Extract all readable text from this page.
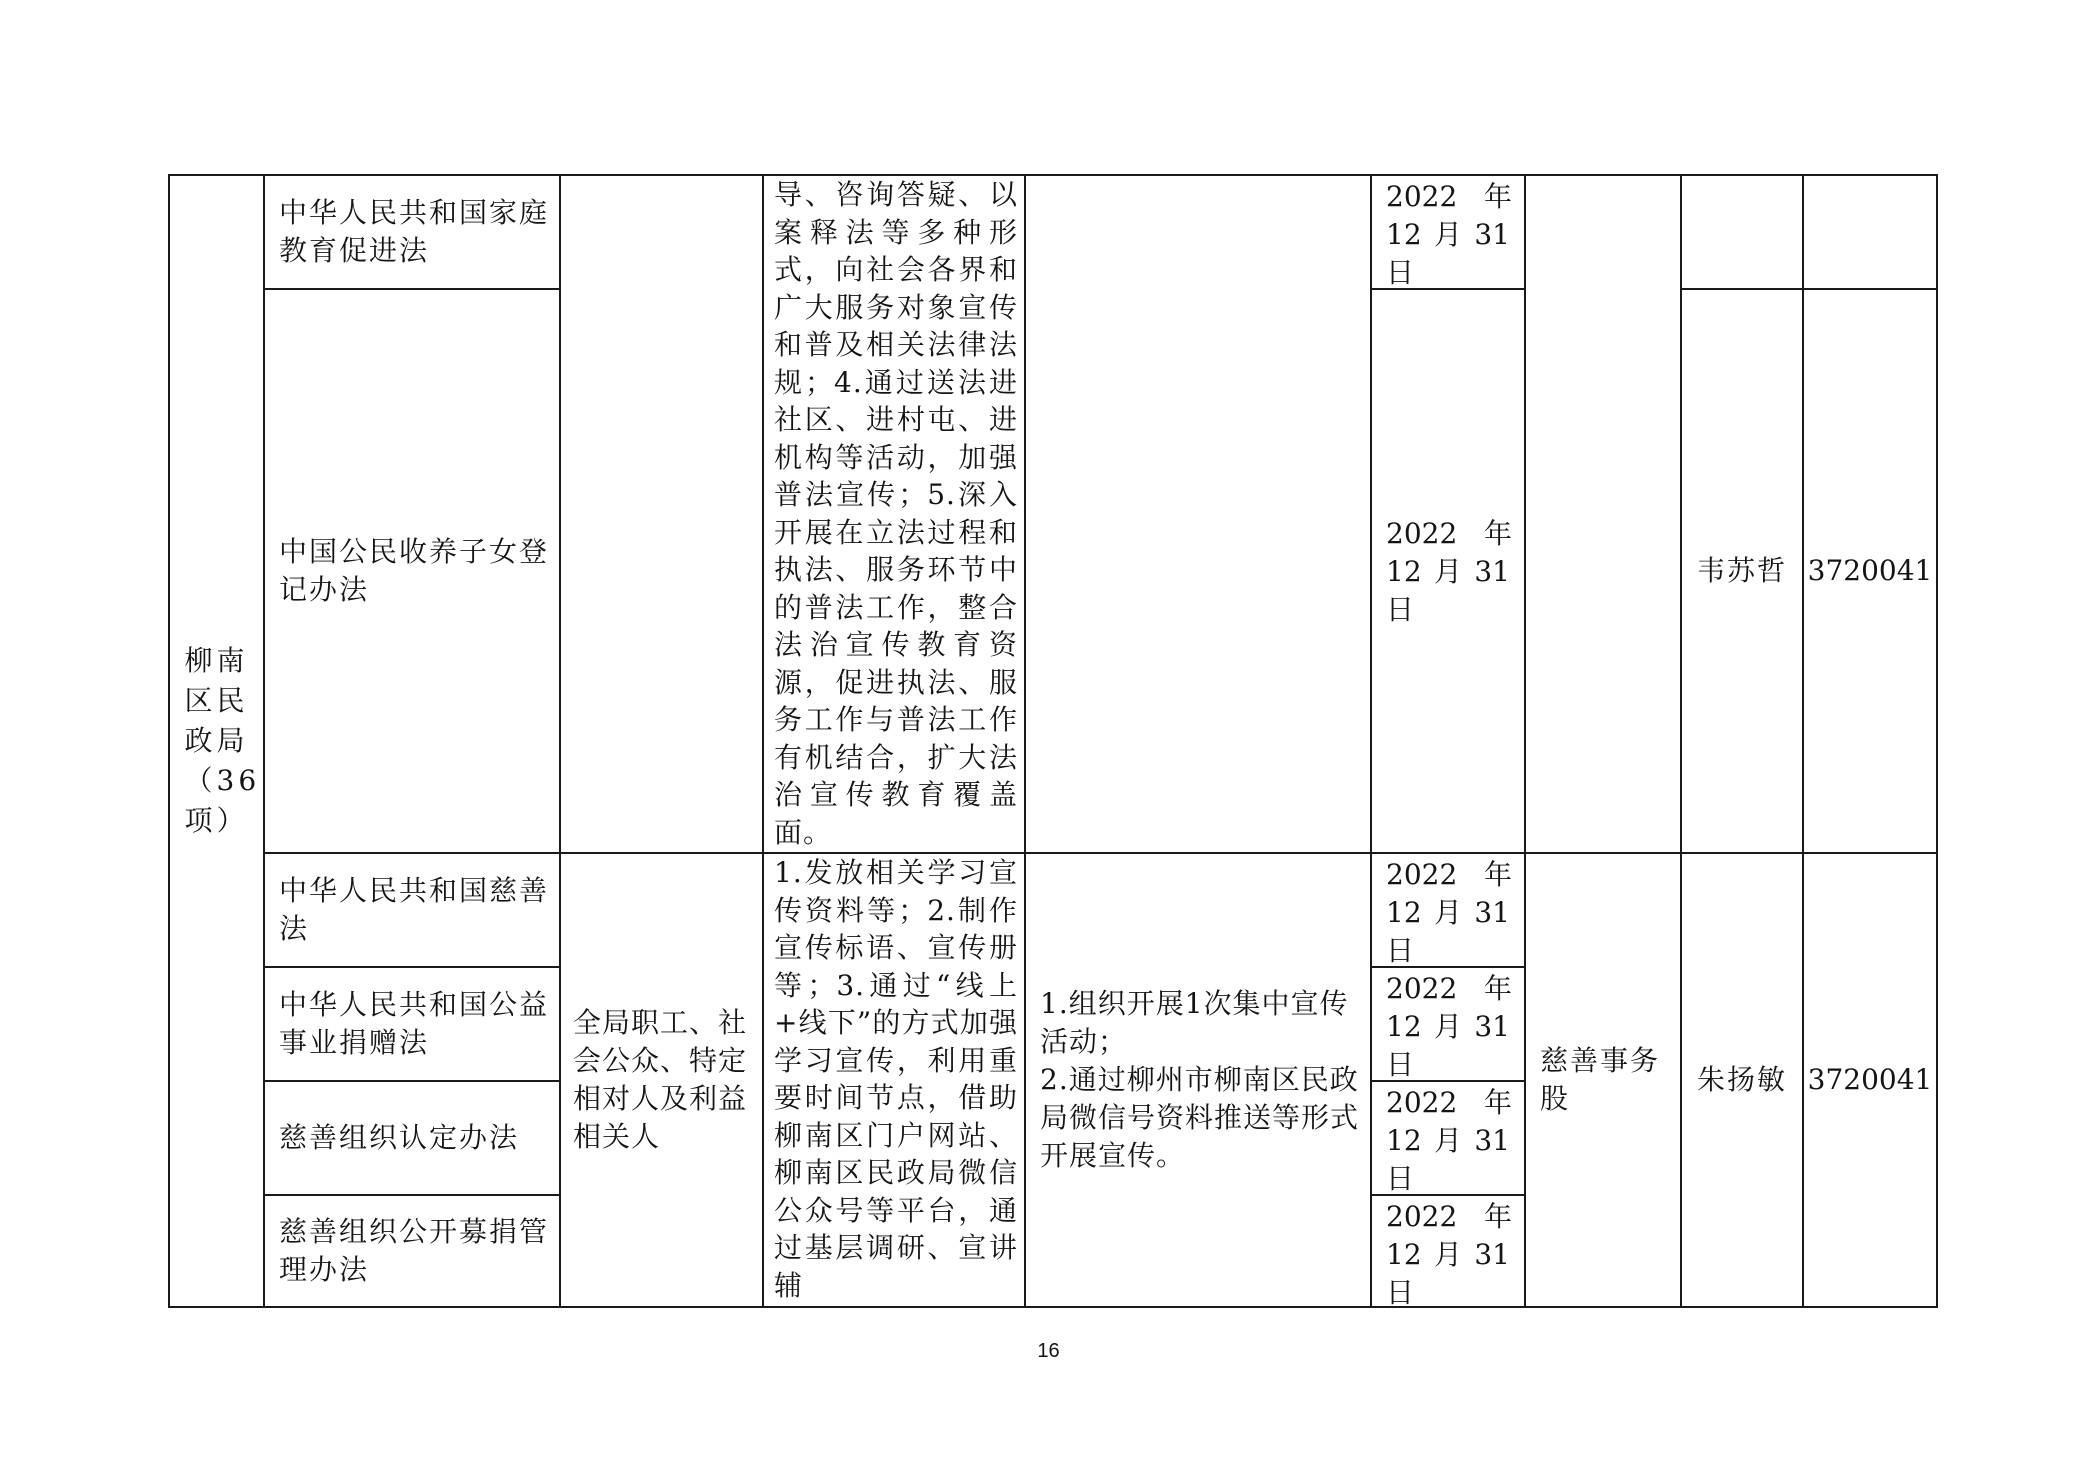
柳南区民政局（36项）
中华人民共和国家庭教育促进法
中国公民收养子女登记办法
导、咨询答疑、以案释法等多种形式，向社会各界和广大服务对象宣传和普及相关法律法规；4.通过送法进社区、进村屯、进机构等活动，加强普法宣传；5.深入开展在立法过程和执法、服务环节中的普法工作，整合法治宣传教育资源，促进执法、服务工作与普法工作有机结合，扩大法治宣传教育覆盖面。
2022 年
12 月 31
日
2022 年
12 月 31
日
韦苏哲 3720041
中华人民共和国慈善法
中华人民共和国公益事业捐赠法
慈善组织认定办法
慈善组织公开募捐管理办法
全局职工、社会公众、特定相对人及利益相关人
1.发放相关学习宣传资料等；2.制作宣传标语、宣传册等；3.通过“线上+线下”的方式加强学习宣传，利用重要时间节点，借助柳南区门户网站、柳南区民政局微信公众号等平台，通过基层调研、宣讲辅
1.组织开展1次集中宣传活动；
2.通过柳州市柳南区民政局微信号资料推送等形式开展宣传。
2022 年
12 月 31
日
2022 年
12 月 31
日
2022 年
12 月 31
日
2022 年
12 月 31
日
慈善事务股
朱扬敏 3720041
16
